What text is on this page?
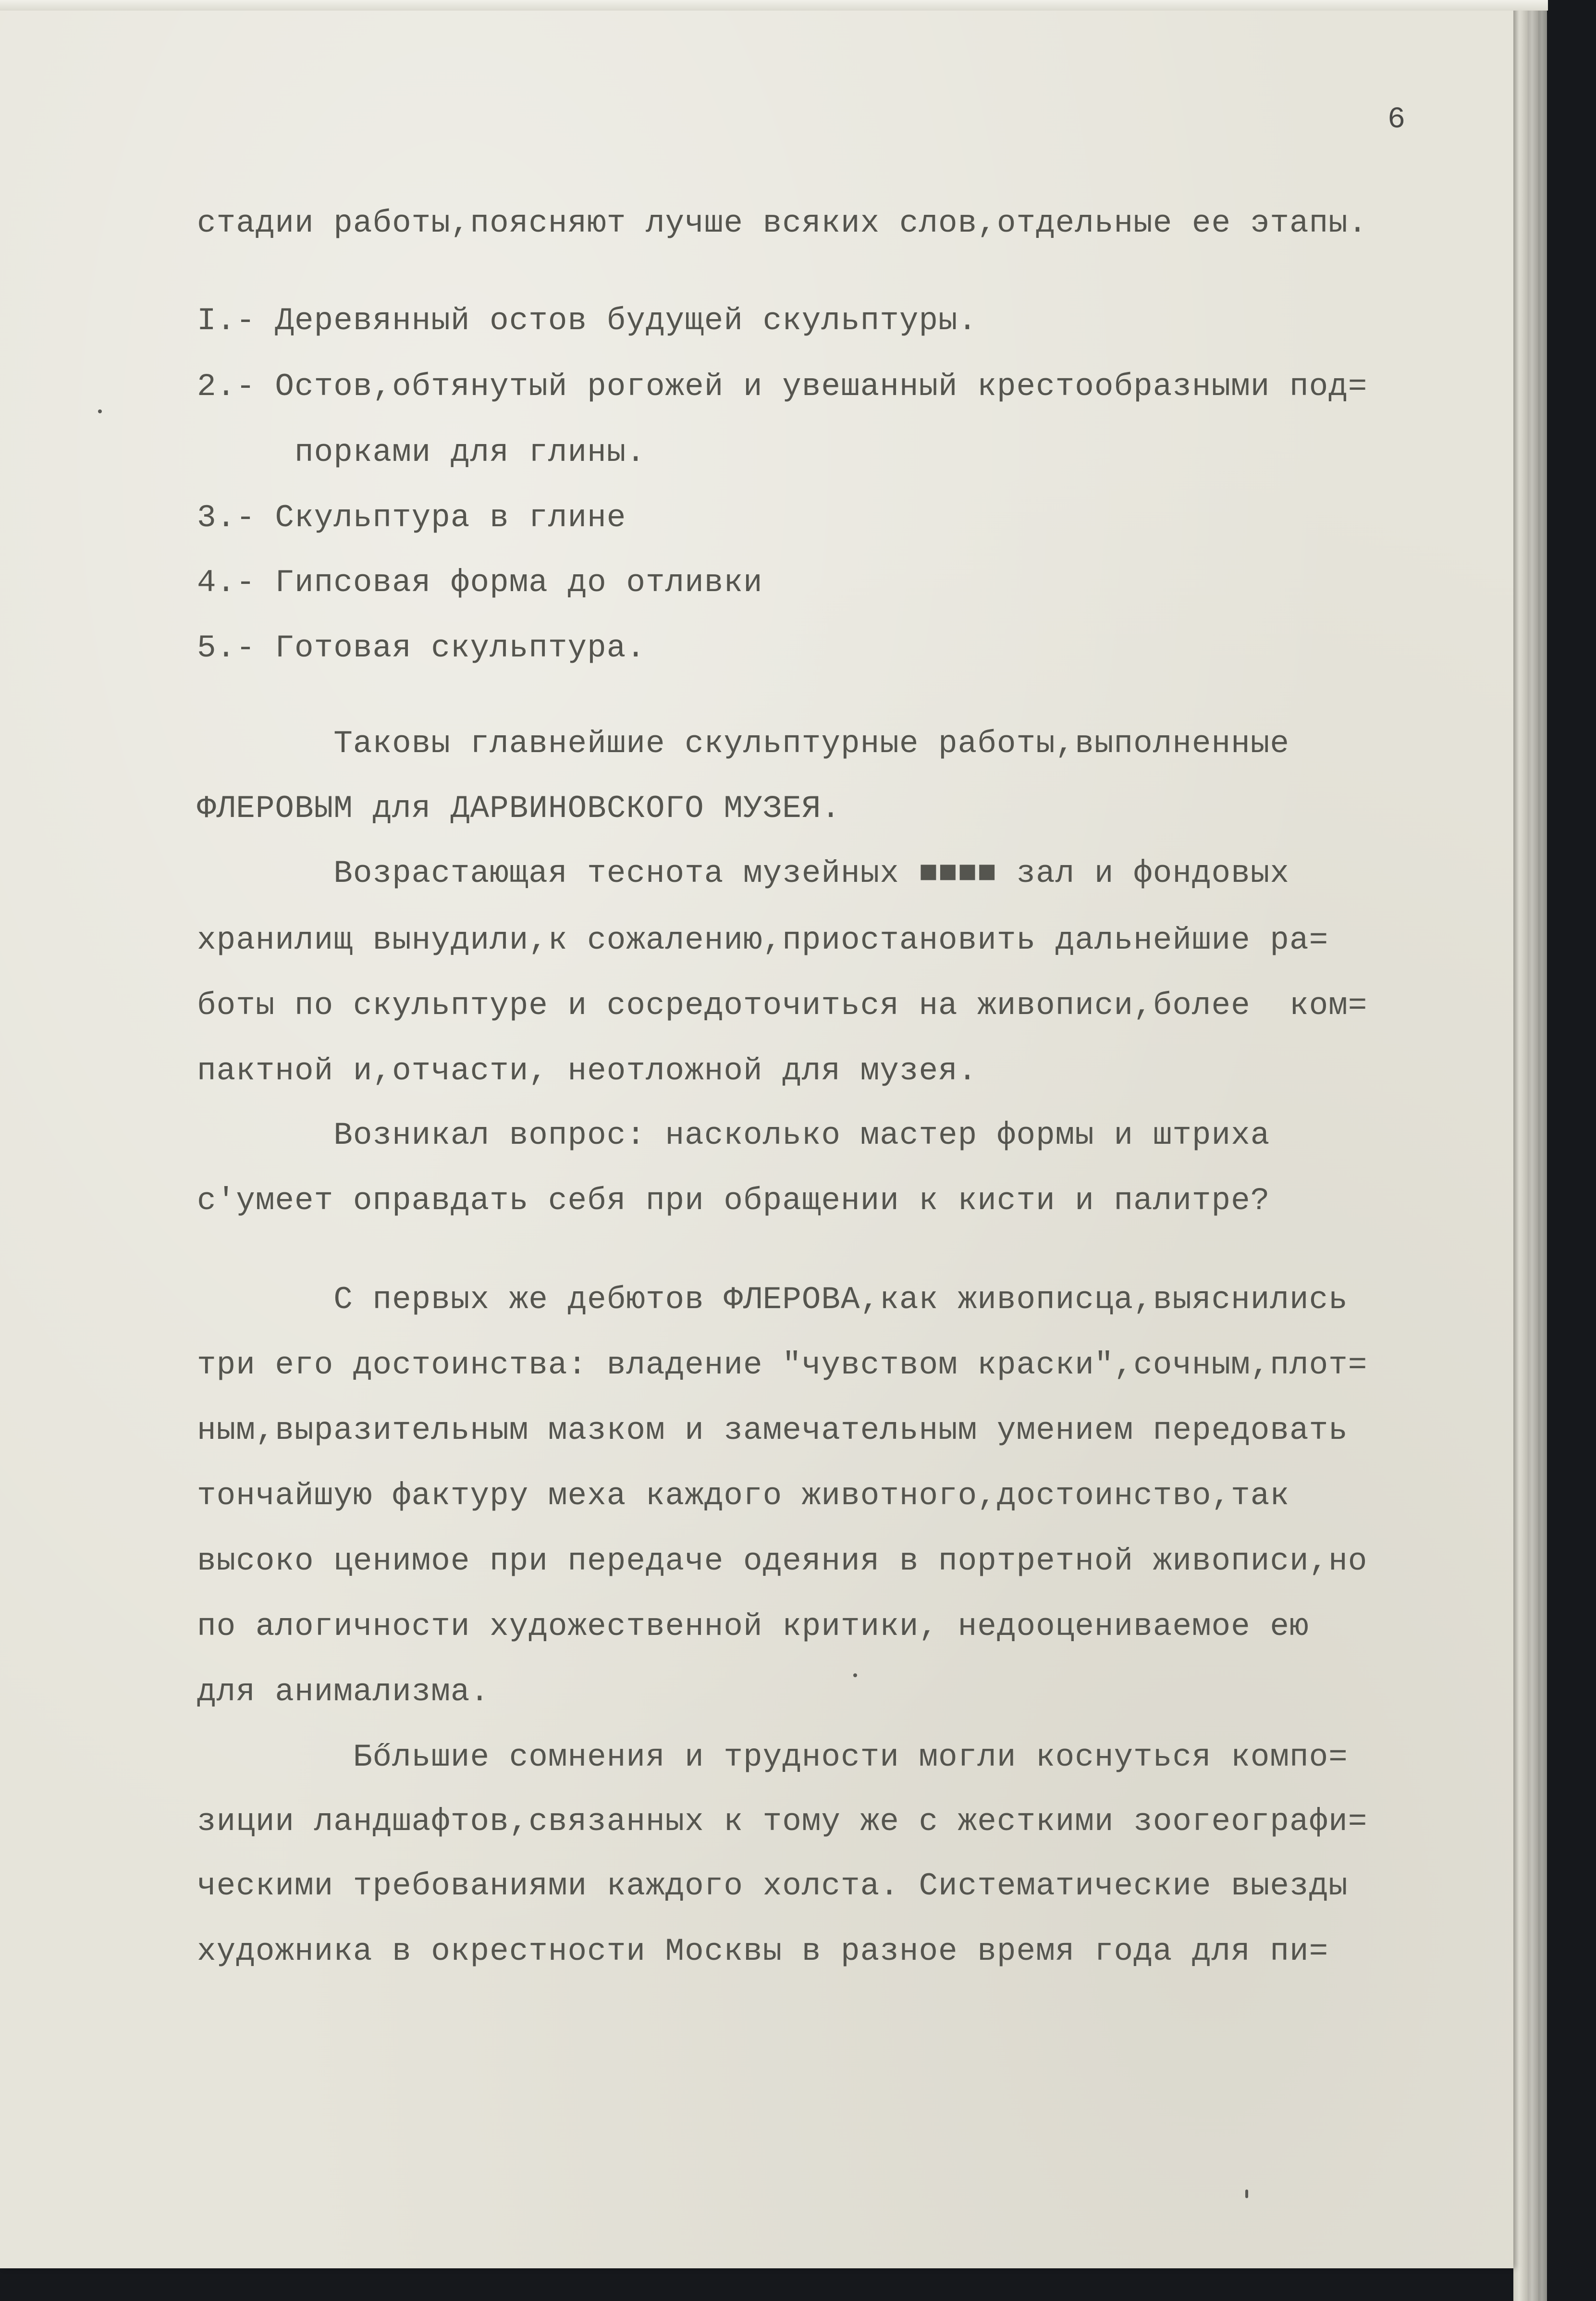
6

стадии работы,поясняют лучше всяких слов,отдельные ее этапы.

I.- Деревянный остов будущей скульптуры.

2.- Остов,обтянутый рогожей и увешанный крестообразными под=

порками для глины.

3.- Скульптура в глине

4.- Гипсовая форма до отливки

5.- Готовая скульптура.

Таковы главнейшие скульптурные работы,выполненные

ФЛЕРОВЫМ для ДАРВИНОВСКОГО МУЗЕЯ.

Возрастающая теснота музейных ■■■■ зал и фондовых

хранилищ вынудили,к сожалению,приостановить дальнейшие ра=

боты по скульптуре и сосредоточиться на живописи,более  ком=

пактной и,отчасти, неотложной для музея.

Возникал вопрос: насколько мастер формы и штриха

с'умеет оправдать себя при обращении к кисти и палитре?

С первых же дебютов ФЛЕРОВА,как живописца,выяснились

три его достоинства: владение "чувством краски",сочным,плот=

ным,выразительным мазком и замечательным умением передовать

тончайшую фактуру меха каждого животного,достоинство,так

высоко ценимое при передаче одеяния в портретной живописи,но

по алогичности художественной критики, недооцениваемое ею

для анимализма.

Бőльшие сомнения и трудности могли коснуться компо=

зиции ландшафтов,связанных к тому же с жесткими зоогеографи=

ческими требованиями каждого холста. Систематические выезды

художника в окрестности Москвы в разное время года для пи=
